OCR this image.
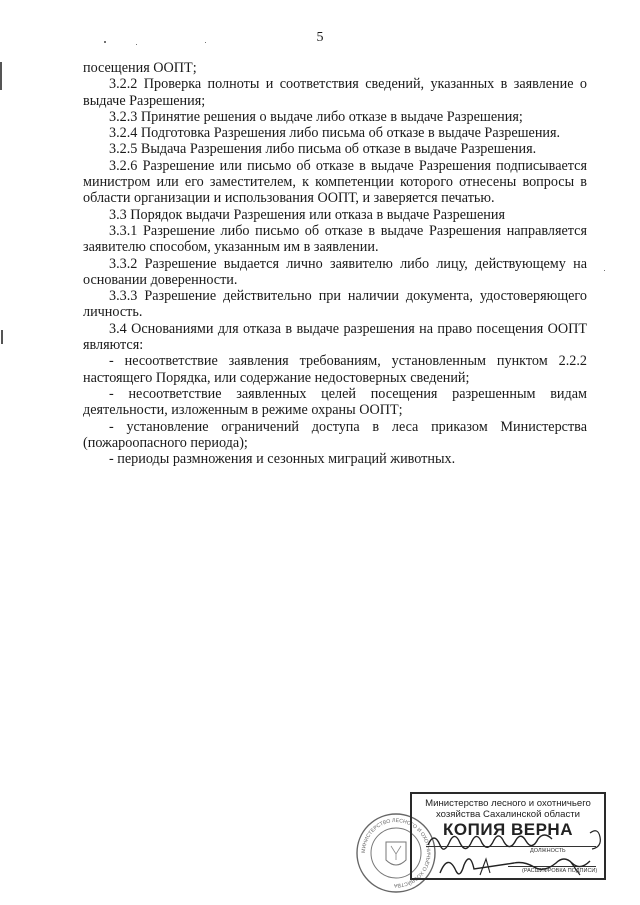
5

посещения ООПТ;

3.2.2 Проверка полноты и соответствия сведений, указанных в заявление о выдаче Разрешения;

3.2.3 Принятие решения о выдаче либо отказе в выдаче Разрешения;

3.2.4 Подготовка Разрешения либо письма об отказе в выдаче Разрешения.

3.2.5 Выдача Разрешения либо письма об отказе в выдаче Разрешения.

3.2.6 Разрешение или письмо об отказе в выдаче Разрешения подписывается министром или его заместителем, к компетенции которого отнесены вопросы в области организации и использования ООПТ, и заверяется печатью.

3.3 Порядок выдачи Разрешения или отказа в выдаче Разрешения

3.3.1 Разрешение либо письмо об отказе в выдаче Разрешения направляется заявителю способом, указанным им в заявлении.

3.3.2 Разрешение выдается лично заявителю либо лицу, действующему на основании доверенности.

3.3.3 Разрешение действительно при наличии документа, удостоверяющего личность.

3.4 Основаниями для отказа в выдаче разрешения на право посещения ООПТ являются:

- несоответствие заявления требованиям, установленным пунктом 2.2.2 настоящего Порядка, или содержание недостоверных сведений;

- несоответствие заявленных целей посещения разрешенным видам деятельности, изложенным в режиме охраны ООПТ;

- установление ограничений доступа в леса приказом Министерства (пожароопасного периода);

- периоды размножения и сезонных миграций животных.

МИНИСТЕРСТВО ЛЕСНОГО И ОХОТНИЧЬЕГО ХОЗЯЙСТВА
Министерство лесного и охотничьего хозяйства Сахалинской области
КОПИЯ ВЕРНА
ДОЛЖНОСТЬ
(РАСШИФРОВКА ПОДПИСИ)
